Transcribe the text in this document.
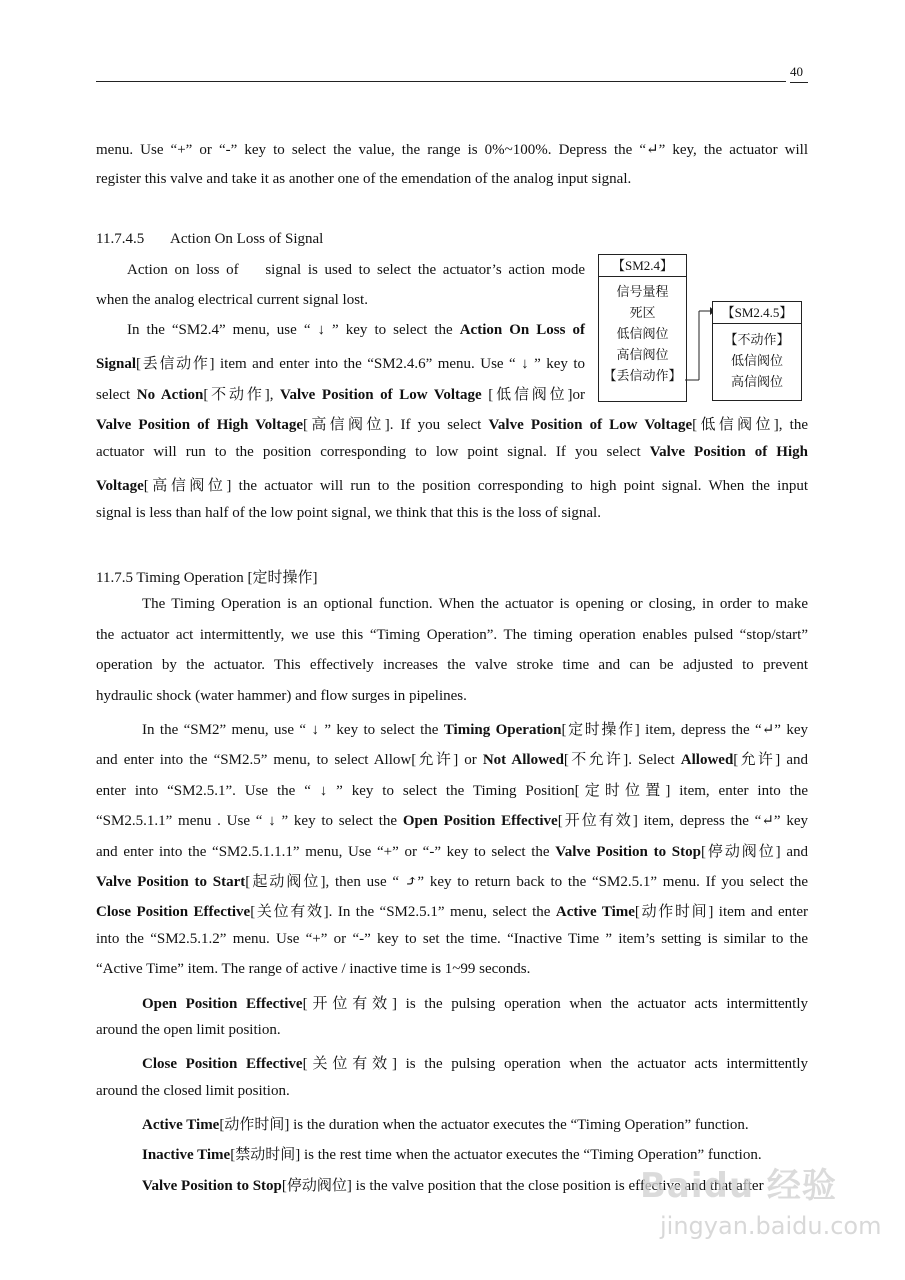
40
menu. Use “+” or “-” key to select the value, the range is 0%~100%. Depress the “↵” key, the actuator will
register this valve and take it as another one of the emendation of the analog input signal.
11.7.4.5 Action On Loss of Signal
Action on loss of    signal is used to select the actuator’s action mode
when the analog electrical current signal lost.
In the “SM2.4” menu, use “ ↓ ” key to select the Action On Loss of
Signal[丢信动作] item and enter into the “SM2.4.6” menu. Use “ ↓ ” key to
select No Action[不动作], Valve Position of Low Voltage [低信阀位]or
Valve Position of High Voltage[高信阀位]. If you select Valve Position of Low Voltage[低信阀位], the
actuator will run to the position corresponding to low point signal. If you select Valve Position of High
Voltage[高信阀位] the actuator will run to the position corresponding to high point signal. When the input
signal is less than half of the low point signal, we think that this is the loss of signal.
【SM2.4】
信号量程
死区
低信阀位
高信阀位
【丢信动作】
【SM2.4.5】
【不动作】
低信阀位
高信阀位
11.7.5 Timing Operation [定时操作]
The Timing Operation is an optional function. When the actuator is opening or closing, in order to make
the actuator act intermittently, we use this “Timing Operation”. The timing operation enables pulsed “stop/start”
operation by the actuator. This effectively increases the valve stroke time and can be adjusted to prevent
hydraulic shock (water hammer) and flow surges in pipelines.
In the “SM2” menu, use “ ↓ ” key to select the Timing Operation[定时操作] item, depress the “↵” key
and enter into the “SM2.5” menu, to select Allow[允许] or Not Allowed[不允许]. Select Allowed[允许] and
enter into “SM2.5.1”. Use the “ ↓ ” key to select the Timing Position[定时位置] item, enter into the
“SM2.5.1.1” menu . Use “ ↓ ” key to select the Open Position Effective[开位有效] item, depress the “↵” key
and enter into the “SM2.5.1.1.1” menu, Use “+” or “-” key to select the Valve Position to Stop[停动阀位] and
Valve Position to Start[起动阀位], then use “ ⤴” key to return back to the “SM2.5.1” menu. If you select the
Close Position Effective[关位有效]. In the “SM2.5.1” menu, select the Active Time[动作时间] item and enter
into the “SM2.5.1.2” menu. Use “+” or “-” key to set the time. “Inactive Time ” item’s setting is similar to the
“Active Time” item. The range of active / inactive time is 1~99 seconds.
Open Position Effective[开位有效] is the pulsing operation when the actuator acts intermittently
around the open limit position.
Close Position Effective[关位有效] is the pulsing operation when the actuator acts intermittently
around the closed limit position.
Active Time[动作时间] is the duration when the actuator executes the “Timing Operation” function.
Inactive Time[禁动时间] is the rest time when the actuator executes the “Timing Operation” function.
Valve Position to Stop[停动阀位] is the valve position that the close position is effective and that after
Baidu 经验
jingyan.baidu.com
